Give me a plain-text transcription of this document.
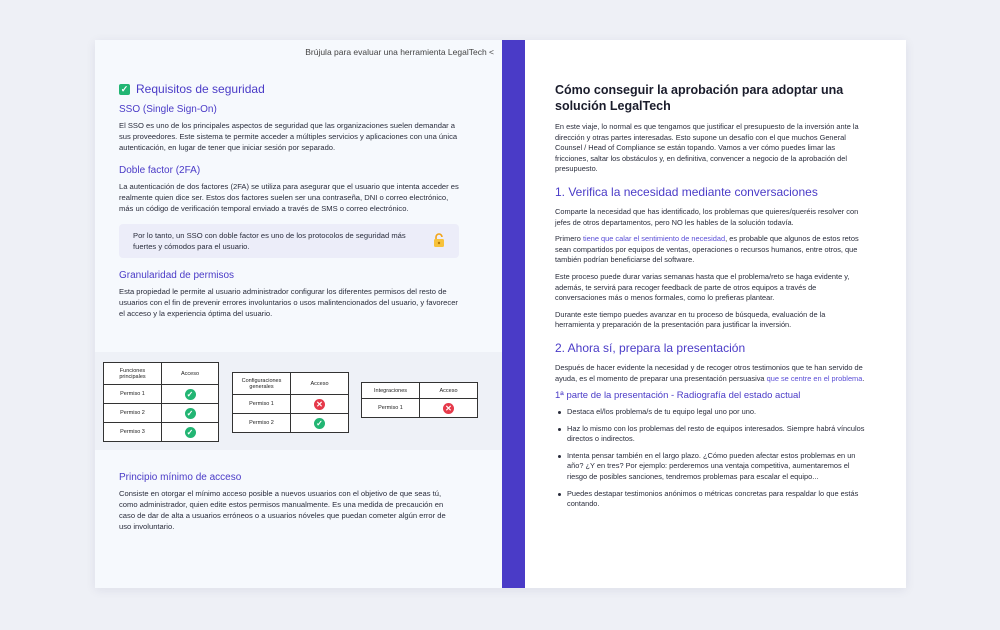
Brújula para evaluar una herramienta LegalTech <
✓ Requisitos de seguridad
SSO (Single Sign-On)

El SSO es uno de los principales aspectos de seguridad que las organizaciones suelen demandar a sus proveedores. Este sistema te permite acceder a múltiples servicios y aplicaciones con una única autenticación, en lugar de tener que iniciar sesión por separado.

Doble factor (2FA)

La autenticación de dos factores (2FA) se utiliza para asegurar que el usuario que intenta acceder es realmente quien dice ser. Estos dos factores suelen ser una contraseña, DNI o correo electrónico, más un código de verificación temporal enviado a través de SMS o correo electrónico.

Por lo tanto, un SSO con doble factor es uno de los protocolos de seguridad más fuertes y cómodos para el usuario.
Granularidad de permisos

Esta propiedad le permite al usuario administrador configurar los diferentes permisos del resto de usuarios con el fin de prevenir errores involuntarios o usos malintencionados del usuario, y favorecer el acceso y la experiencia óptima del usuario.

Funciones principales	Acceso
Permiso 1	✓
Permiso 2	✓
Permiso 3	✓
Configuraciones generales	Acceso
Permiso 1	✕
Permiso 2	✓
Integraciones	Acceso
Permiso 1	✕
Principio mínimo de acceso

Consiste en otorgar el mínimo acceso posible a nuevos usuarios con el objetivo de que seas tú, como administrador, quien edite estos permisos manualmente. Es una medida de precaución en caso de dar de alta a usuarios erróneos o a usuarios nóveles que puedan cometer algún error de uso involuntario.

Cómo conseguir la aprobación para adoptar una solución LegalTech

En este viaje, lo normal es que tengamos que justificar el presupuesto de la inversión ante la dirección y otras partes interesadas. Esto supone un desafío con el que muchos General Counsel / Head of Compliance se están topando. Vamos a ver cómo puedes limar las fricciones, saltar los obstáculos y, en definitiva, convencer a negocio de la aprobación del presupuesto.

1. Verifica la necesidad mediante conversaciones

Comparte la necesidad que has identificado, los problemas que quieres/queréis resolver con jefes de otros departamentos, pero NO les hables de la solución todavía.

Primero tiene que calar el sentimiento de necesidad, es probable que algunos de estos retos sean compartidos por equipos de ventas, operaciones o recursos humanos, entre otros, que también podrían beneficiarse del software.

Este proceso puede durar varias semanas hasta que el problema/reto se haga evidente y, además, te servirá para recoger feedback de parte de otros equipos a través de conversaciones más o menos formales, como lo prefieras plantear.

Durante este tiempo puedes avanzar en tu proceso de búsqueda, evaluación de la herramienta y preparación de la presentación para justificar la inversión.

2. Ahora sí, prepara la presentación

Después de hacer evidente la necesidad y de recoger otros testimonios que te han servido de ayuda, es el momento de preparar una presentación persuasiva que se centre en el problema.

1ª parte de la presentación - Radiografía del estado actual
Destaca el/los problema/s de tu equipo legal uno por uno.
Haz lo mismo con los problemas del resto de equipos interesados. Siempre habrá vínculos directos o indirectos.
Intenta pensar también en el largo plazo. ¿Cómo pueden afectar estos problemas en un año? ¿Y en tres? Por ejemplo: perderemos una ventaja competitiva, aumentaremos el riesgo de posibles sanciones, tendremos problemas para escalar el equipo...
Puedes destapar testimonios anónimos o métricas concretas para respaldar lo que estás contando.
